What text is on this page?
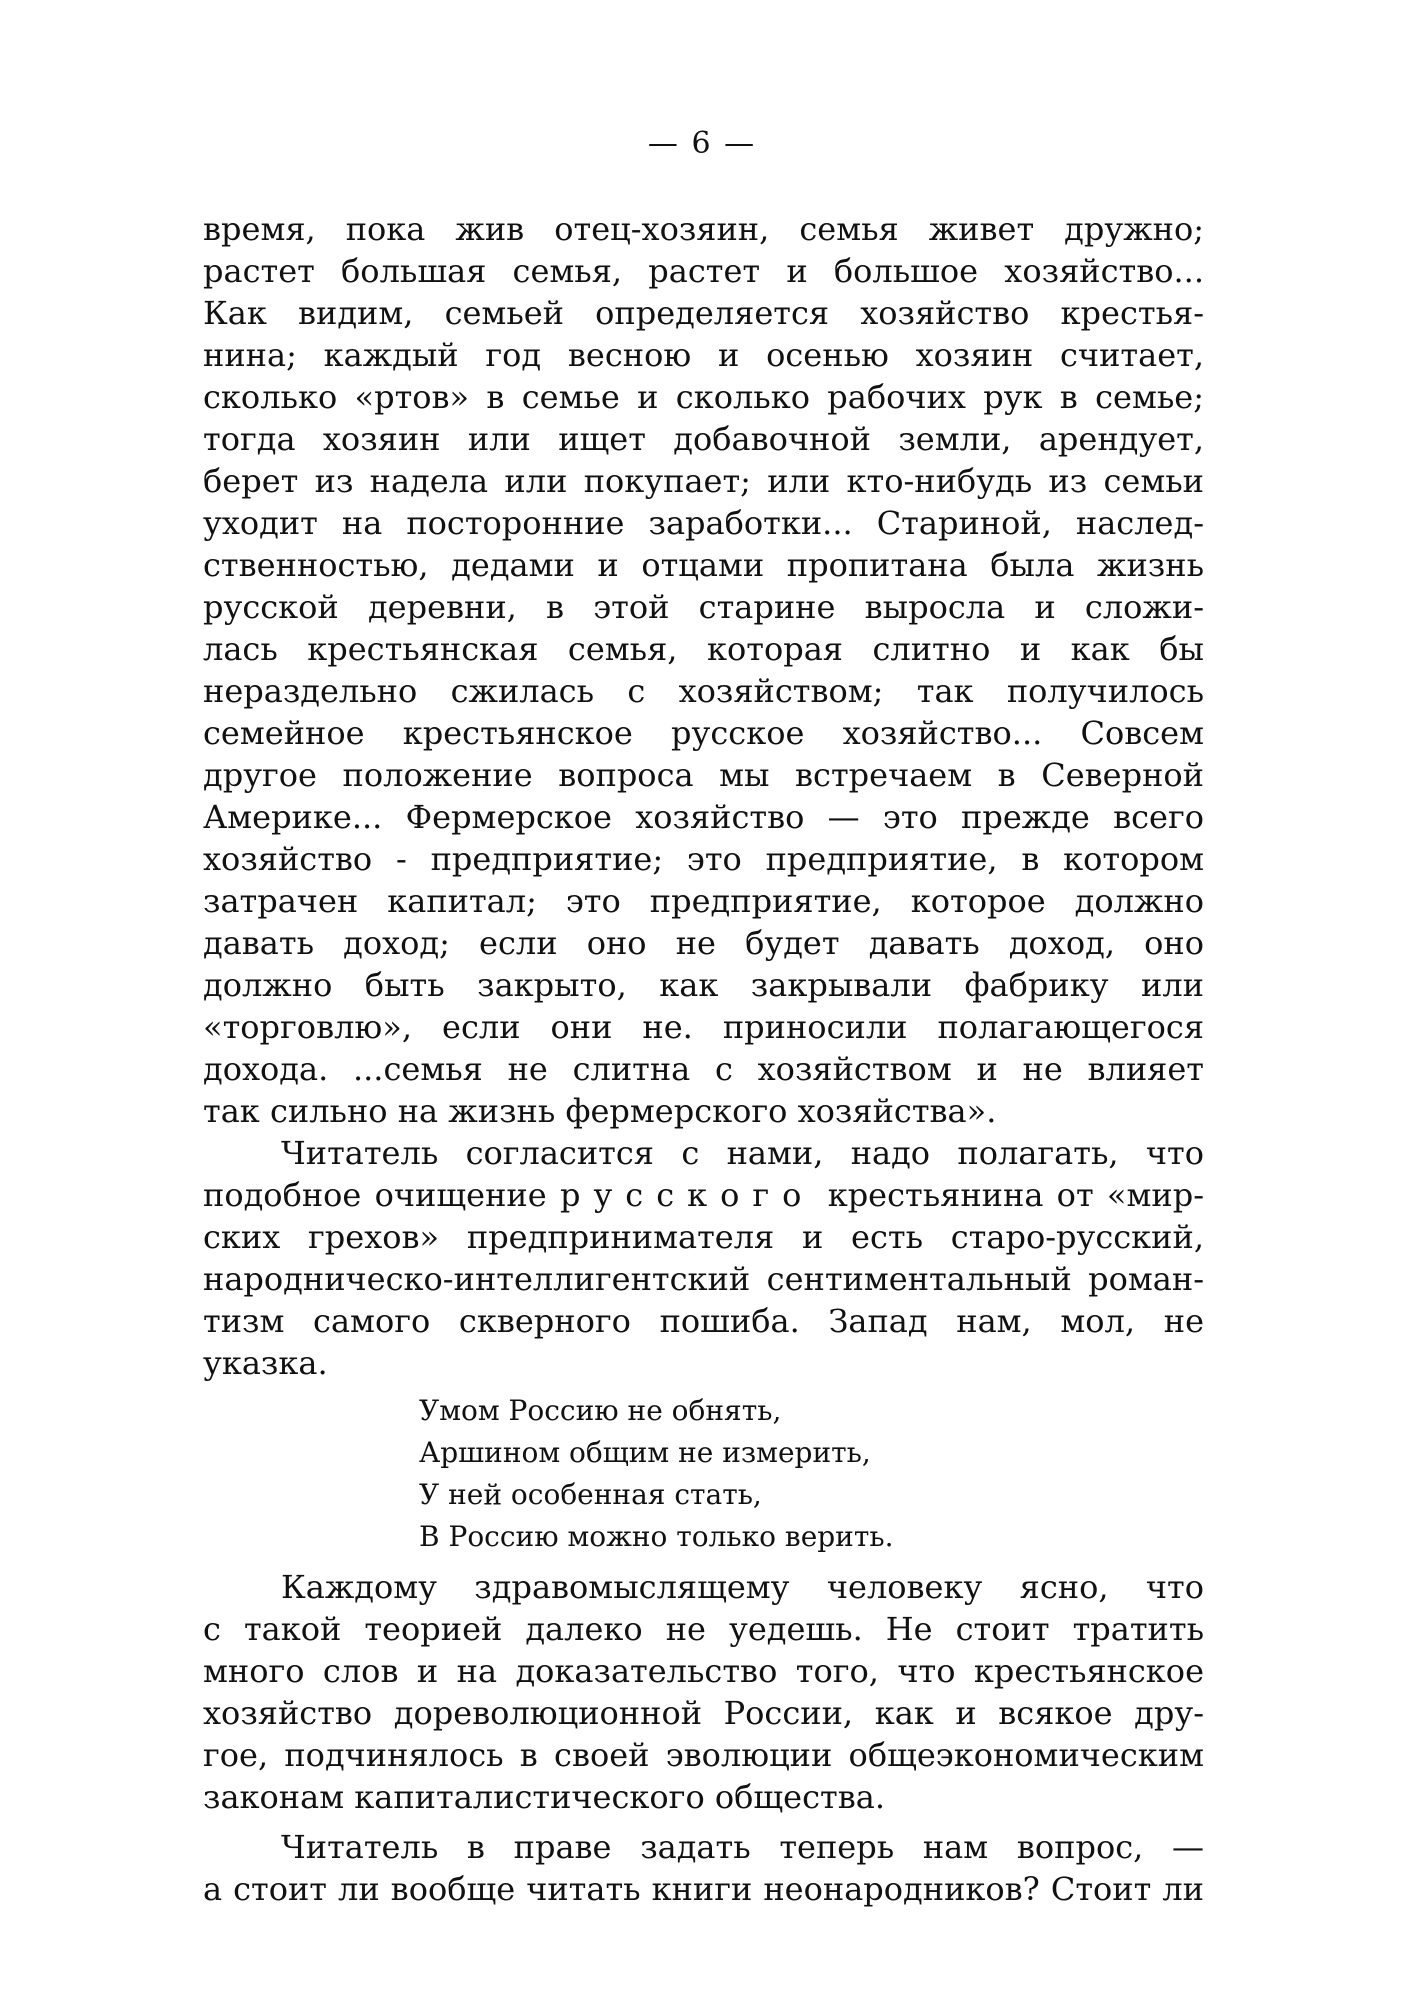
— 6 —
время, пока жив отец-хозяин, семья живет дружно;
растет большая семья, растет и большое хозяйство...
Как видим, семьей определяется хозяйство крестья-
нина; каждый год весною и осенью хозяин считает,
сколько «ртов» в семье и сколько рабочих рук в семье;
тогда хозяин или ищет добавочной земли, арендует,
берет из надела или покупает; или кто-нибудь из семьи
уходит на посторонние заработки... Стариной, наслед-
ственностью, дедами и отцами пропитана была жизнь
русской деревни, в этой старине выросла и сложи-
лась крестьянская семья, которая слитно и как бы
нераздельно сжилась с хозяйством; так получилось
семейное крестьянское русское хозяйство... Совсем
другое положение вопроса мы встречаем в Северной
Америке... Фермерское хозяйство — это прежде всего
хозяйство - предприятие; это предприятие, в котором
затрачен капитал; это предприятие, которое должно
давать доход; если оно не будет давать доход, оно
должно быть закрыто, как закрывали фабрику или
«торговлю», если они не. приносили полагающегося
дохода. ...семья не слитна с хозяйством и не влияет
так сильно на жизнь фермерского хозяйства».
Читатель согласится с нами, надо полагать, что
подобное очищение русского крестьянина от «мир-
ских грехов» предпринимателя и есть старо-русский,
народническо-интеллигентский сентиментальный роман-
тизм самого скверного пошиба. Запад нам, мол, не
указка.
Умом Россию не обнять,
Аршином общим не измерить,
У ней особенная стать,
В Россию можно только верить.
Каждому здравомыслящему человеку ясно, что
с такой теорией далеко не уедешь. Не стоит тратить
много слов и на доказательство того, что крестьянское
хозяйство дореволюционной России, как и всякое дру-
гое, подчинялось в своей эволюции общеэкономическим
законам капиталистического общества.
Читатель в праве задать теперь нам вопрос, —
а стоит ли вообще читать книги неонародников? Стоит ли
